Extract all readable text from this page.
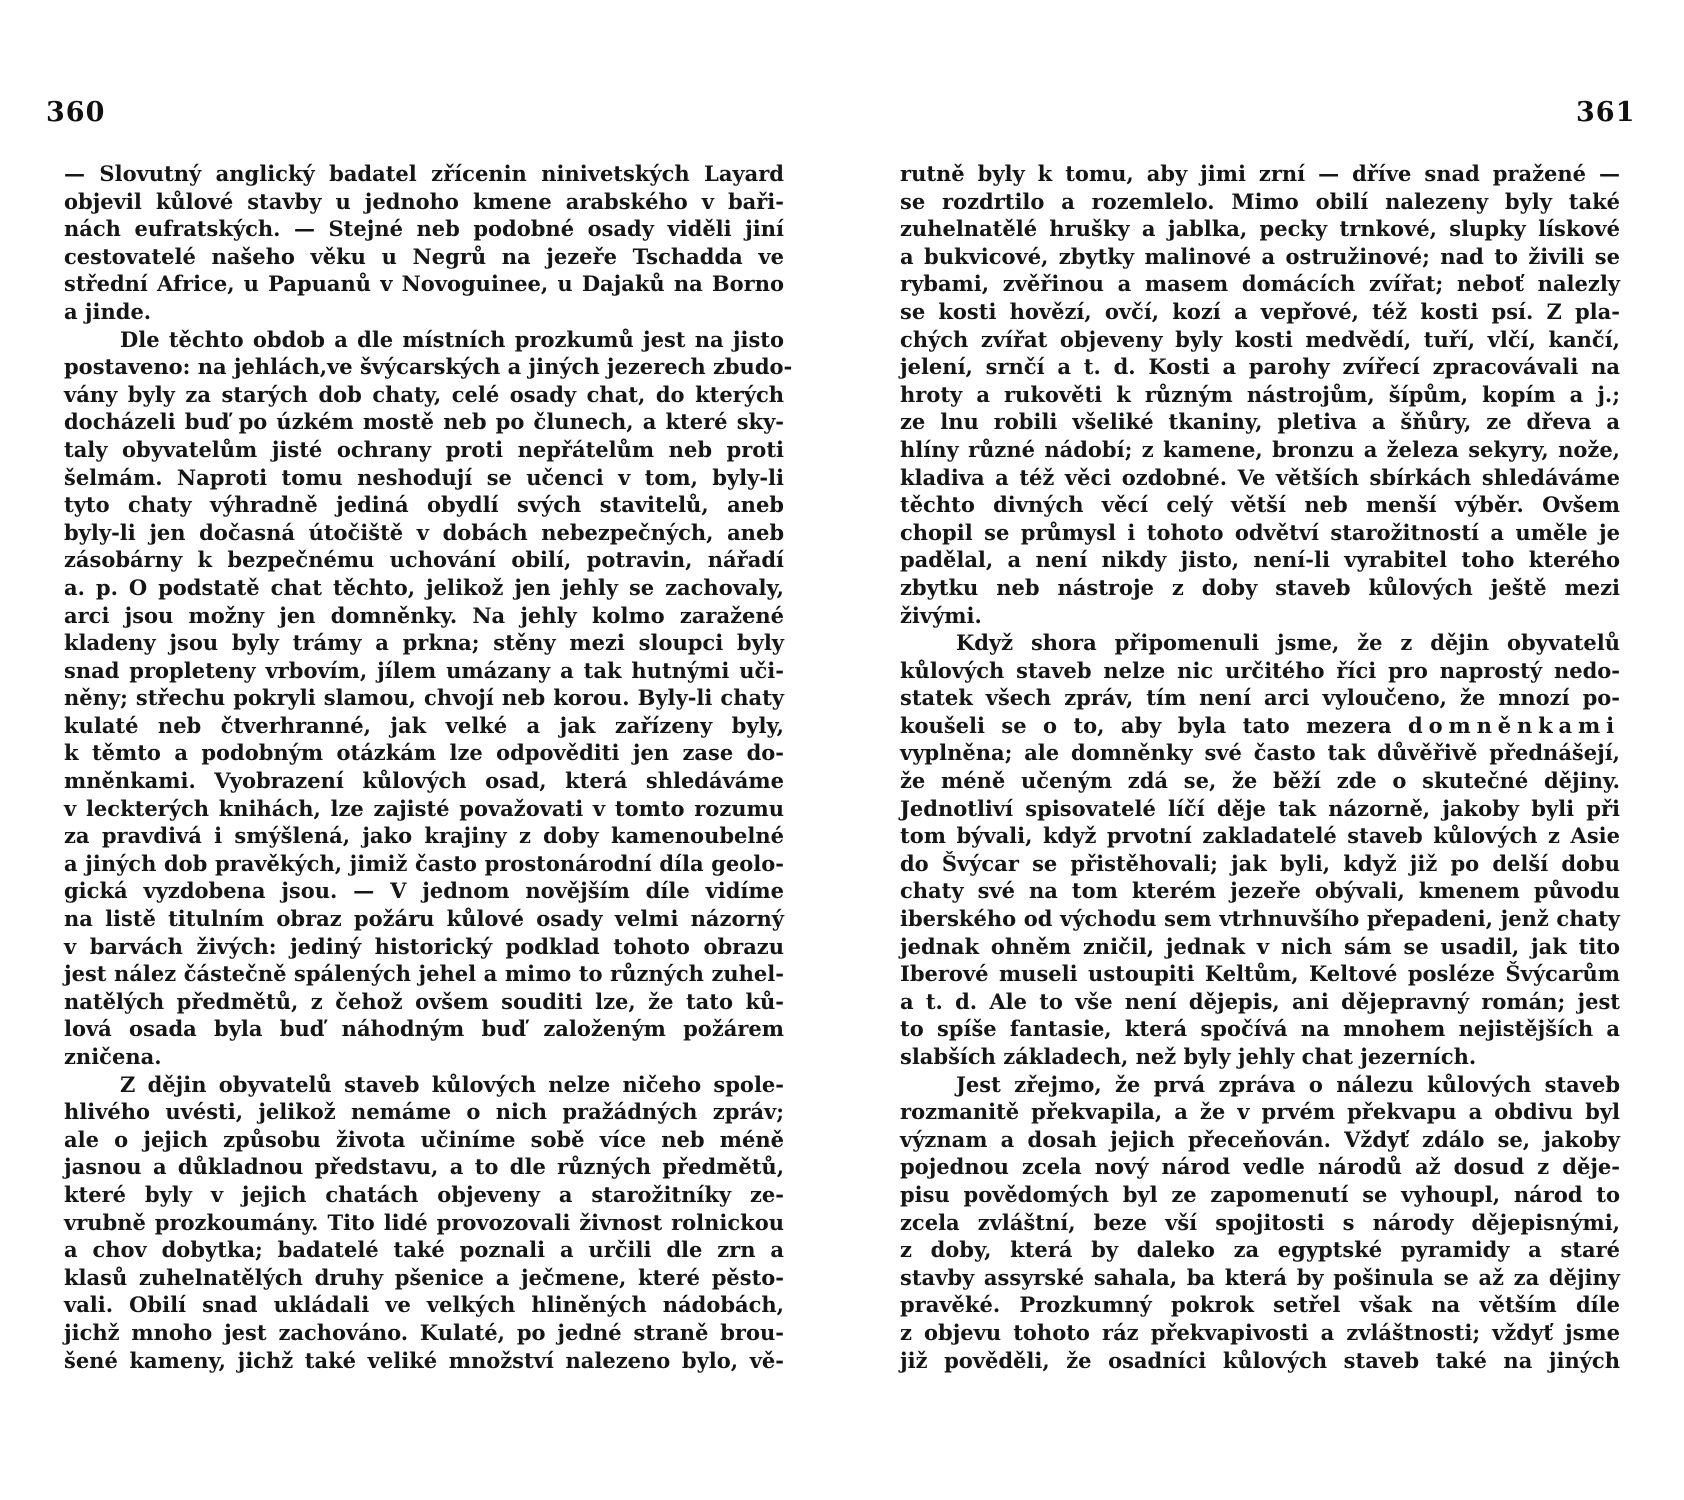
360	361
— Slovutný anglický badatel zřícenin ninivetských Layard
objevil kůlové stavby u jednoho kmene arabského v baři-
nách eufratských. — Stejné neb podobné osady viděli jiní
cestovatelé našeho věku u Negrů na jezeře Tschadda ve
střední Africe, u Papuanů v Novoguinee, u Dajaků na Borno
a jinde.
Dle těchto obdob a dle místních prozkumů jest na jisto
postaveno: na jehlách,ve švýcarských a jiných jezerech zbudo-
vány byly za starých dob chaty, celé osady chat, do kterých
docházeli buď po úzkém mostě neb po člunech, a které sky-
taly obyvatelům jisté ochrany proti nepřátelům neb proti
šelmám. Naproti tomu neshodují se učenci v tom, byly-li
tyto chaty výhradně jediná obydlí svých stavitelů, aneb
byly-li jen dočasná útočiště v dobách nebezpečných, aneb
zásobárny k bezpečnému uchování obilí, potravin, nářadí
a. p. O podstatě chat těchto, jelikož jen jehly se zachovaly,
arci jsou možny jen domněnky. Na jehly kolmo zaražené
kladeny jsou byly trámy a prkna; stěny mezi sloupci byly
snad propleteny vrbovím, jílem umázany a tak hutnými uči-
něny; střechu pokryli slamou, chvojí neb korou. Byly-li chaty
kulaté neb čtverhranné, jak velké a jak zařízeny byly,
k těmto a podobným otázkám lze odpověditi jen zase do-
mněnkami. Vyobrazení kůlových osad, která shledáváme
v leckterých knihách, lze zajisté považovati v tomto rozumu
za pravdivá i smýšlená, jako krajiny z doby kamenoubelné
a jiných dob pravěkých, jimiž často prostonárodní díla geolo-
gická vyzdobena jsou. — V jednom novějším díle vidíme
na listě titulním obraz požáru kůlové osady velmi názorný
v barvách živých: jediný historický podklad tohoto obrazu
jest nález částečně spálených jehel a mimo to různých zuhel-
natělých předmětů, z čehož ovšem souditi lze, že tato ků-
lová osada byla buď náhodným buď založeným požárem
zničena.
Z dějin obyvatelů staveb kůlových nelze ničeho spole-
hlivého uvésti, jelikož nemáme o nich pražádných zpráv;
ale o jejich způsobu života učiníme sobě více neb méně
jasnou a důkladnou představu, a to dle různých předmětů,
které byly v jejich chatách objeveny a starožitníky ze-
vrubně prozkoumány. Tito lidé provozovali živnost rolnickou
a chov dobytka; badatelé také poznali a určili dle zrn a
klasů zuhelnatělých druhy pšenice a ječmene, které pěsto-
vali. Obilí snad ukládali ve velkých hliněných nádobách,
jichž mnoho jest zachováno. Kulaté, po jedné straně brou-
šené kameny, jichž také veliké množství nalezeno bylo, vě-
rutně byly k tomu, aby jimi zrní — dříve snad pražené —
se rozdrtilo a rozemlelo. Mimo obilí nalezeny byly také
zuhelnatělé hrušky a jablka, pecky trnkové, slupky lískové
a bukvicové, zbytky malinové a ostružinové; nad to živili se
rybami, zvěřinou a masem domácích zvířat; neboť nalezly
se kosti hovězí, ovčí, kozí a vepřové, též kosti psí. Z pla-
chých zvířat objeveny byly kosti medvědí, tuří, vlčí, kančí,
jelení, srnčí a t. d. Kosti a parohy zvířecí zpracovávali na
hroty a rukověti k různým nástrojům, šípům, kopím a j.;
ze lnu robili všeliké tkaniny, pletiva a šňůry, ze dřeva a
hlíny různé nádobí; z kamene, bronzu a železa sekyry, nože,
kladiva a též věci ozdobné. Ve větších sbírkách shledáváme
těchto divných věcí celý větší neb menší výběr. Ovšem
chopil se průmysl i tohoto odvětví starožitností a uměle je
padělal, a není nikdy jisto, není-li vyrabitel toho kterého
zbytku neb nástroje z doby staveb kůlových ještě mezi
živými.
Když shora připomenuli jsme, že z dějin obyvatelů
kůlových staveb nelze nic určitého říci pro naprostý nedo-
statek všech zpráv, tím není arci vyloučeno, že mnozí po-
koušeli se o to, aby byla tato mezera domněnkami
vyplněna; ale domněnky své často tak důvěřivě přednášejí,
že méně učeným zdá se, že běží zde o skutečné dějiny.
Jednotliví spisovatelé líčí děje tak názorně, jakoby byli při
tom bývali, když prvotní zakladatelé staveb kůlových z Asie
do Švýcar se přistěhovali; jak byli, když již po delší dobu
chaty své na tom kterém jezeře obývali, kmenem původu
iberského od východu sem vtrhnuvšího přepadeni, jenž chaty
jednak ohněm zničil, jednak v nich sám se usadil, jak tito
Iberové museli ustoupiti Keltům, Keltové posléze Švýcarům
a t. d. Ale to vše není dějepis, ani dějepravný román; jest
to spíše fantasie, která spočívá na mnohem nejistějších a
slabších základech, než byly jehly chat jezerních.
Jest zřejmo, že prvá zpráva o nálezu kůlových staveb
rozmanitě překvapila, a že v prvém překvapu a obdivu byl
význam a dosah jejich přeceňován. Vždyť zdálo se, jakoby
pojednou zcela nový národ vedle národů až dosud z děje-
pisu povědomých byl ze zapomenutí se vyhoupl, národ to
zcela zvláštní, beze vší spojitosti s národy dějepisnými,
z doby, která by daleko za egyptské pyramidy a staré
stavby assyrské sahala, ba která by pošinula se až za dějiny
pravěké. Prozkumný pokrok setřel však na větším díle
z objevu tohoto ráz překvapivosti a zvláštnosti; vždyť jsme
již pověděli, že osadníci kůlových staveb také na jiných
